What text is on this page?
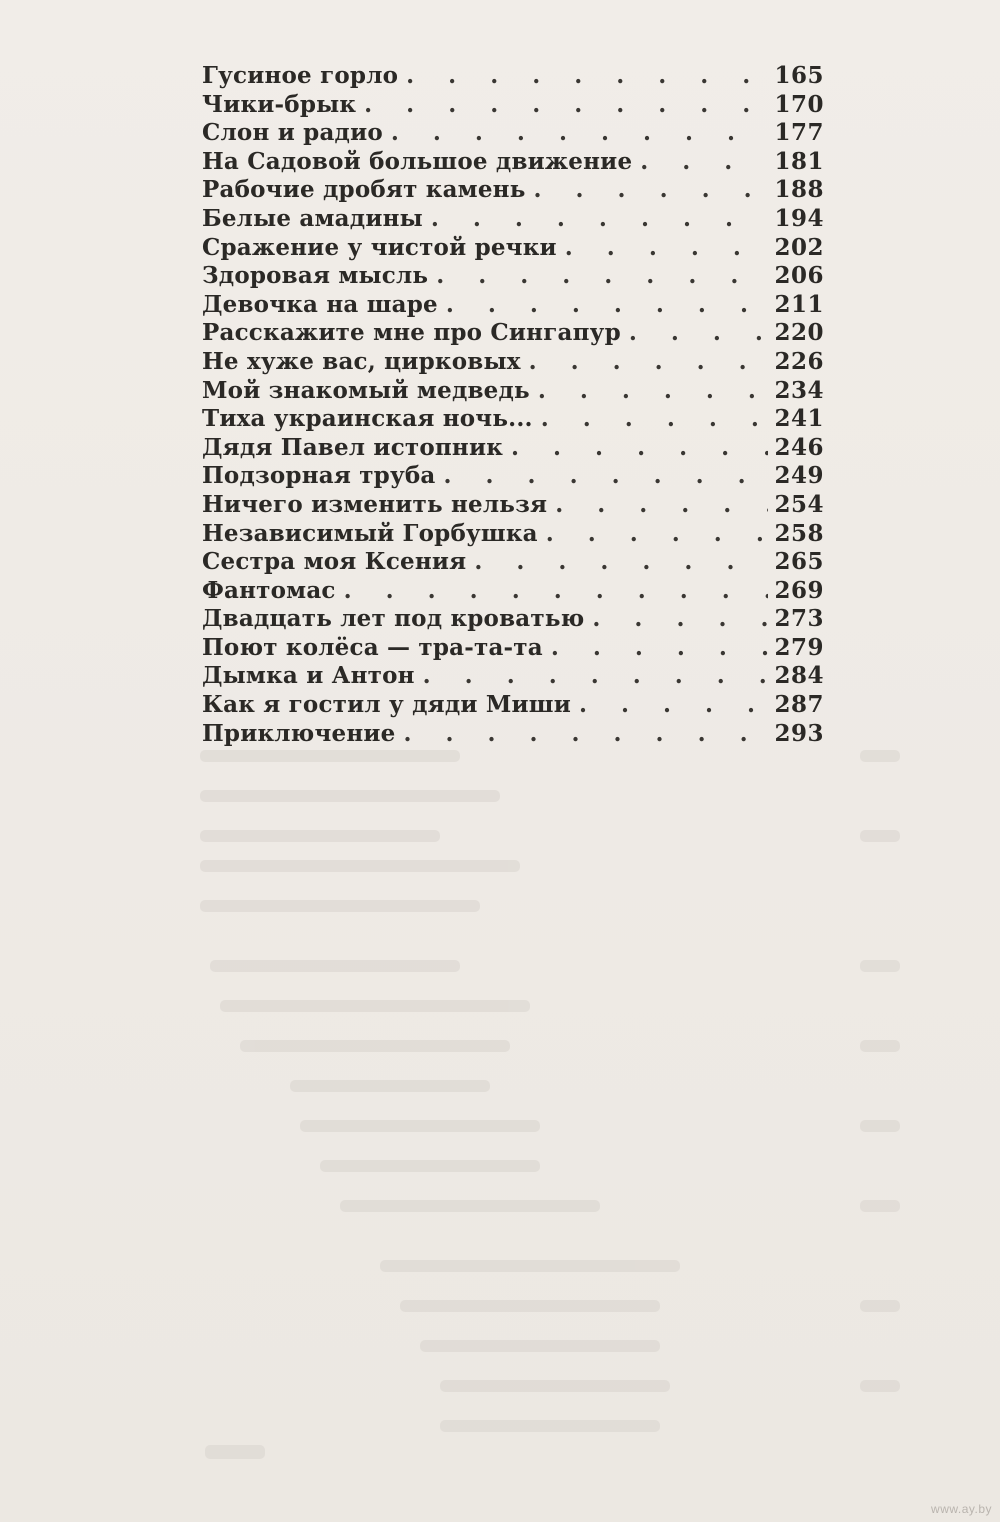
Гусиное горло . . .	165
Чики-брык . . .	170
Слон и радио . . .	177
На Садовой большое движение . . .	181
Рабочие дробят камень . . .	188
Белые амадины . . .	194
Сражение у чистой речки . . .	202
Здоровая мысль . . .	206
Девочка на шаре . . .	211
Расскажите мне про Сингапур . . .	220
Не хуже вас, цирковых . . .	226
Мой знакомый медведь . . .	234
Тиха украинская ночь... . . .	241
Дядя Павел истопник . . .	246
Подзорная труба . . .	249
Ничего изменить нельзя . . .	254
Независимый Горбушка . . .	258
Сестра моя Ксения . . .	265
Фантомас . . .	269
Двадцать лет под кроватью . . .	273
Поют колёса — тра-та-та . . .	279
Дымка и Антон . . .	284
Как я гостил у дяди Миши . . .	287
Приключение . . .	293
www.ay.by
